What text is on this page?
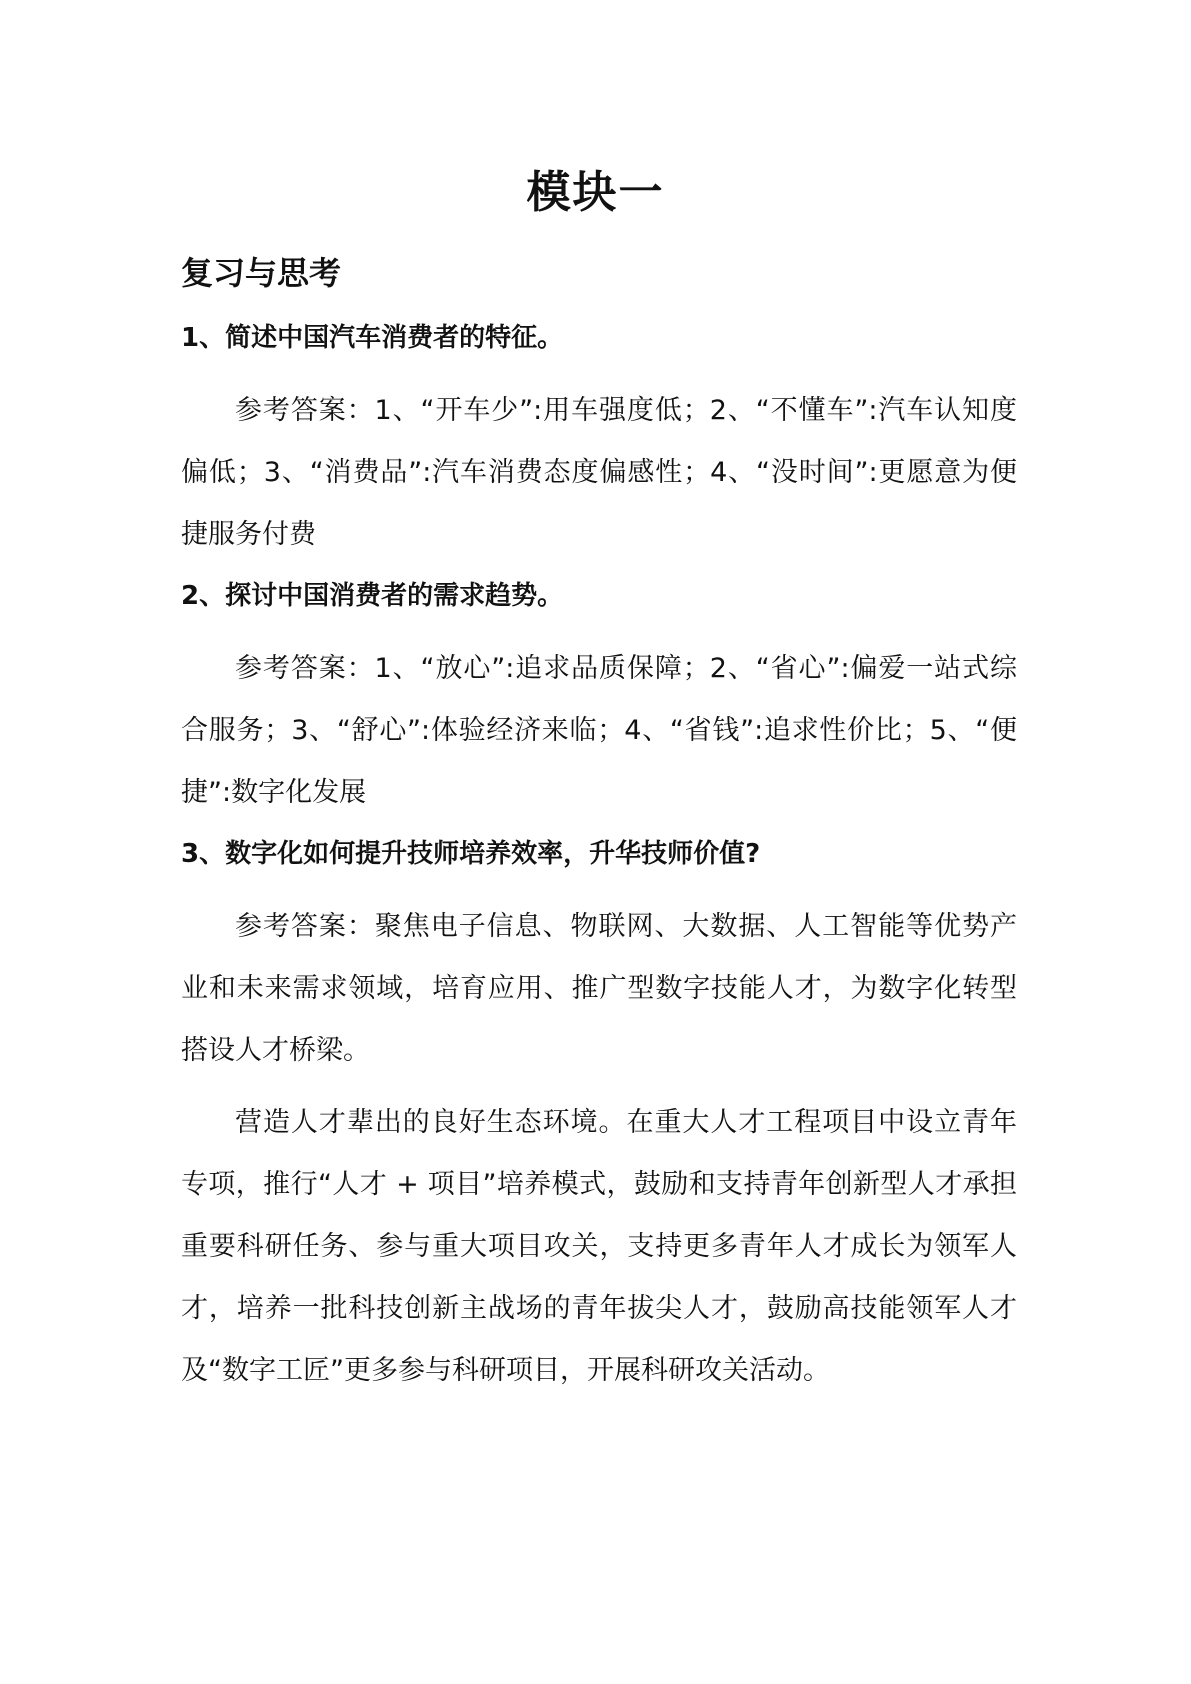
模块一
复习与思考
1、简述中国汽车消费者的特征。
参考答案：1、“开车少”:用车强度低；2、“不懂车”:汽车认知度偏低；3、“消费品”:汽车消费态度偏感性；4、“没时间”:更愿意为便捷服务付费
2、探讨中国消费者的需求趋势。
参考答案：1、“放心”:追求品质保障；2、“省心”:偏爱一站式综合服务；3、“舒心”:体验经济来临；4、“省钱”:追求性价比；5、“便捷”:数字化发展
3、数字化如何提升技师培养效率，升华技师价值?
参考答案：聚焦电子信息、物联网、大数据、人工智能等优势产业和未来需求领域，培育应用、推广型数字技能人才，为数字化转型搭设人才桥梁。
营造人才辈出的良好生态环境。在重大人才工程项目中设立青年专项，推行“人才 + 项目”培养模式，鼓励和支持青年创新型人才承担重要科研任务、参与重大项目攻关，支持更多青年人才成长为领军人才，培养一批科技创新主战场的青年拔尖人才，鼓励高技能领军人才及“数字工匠”更多参与科研项目，开展科研攻关活动。
